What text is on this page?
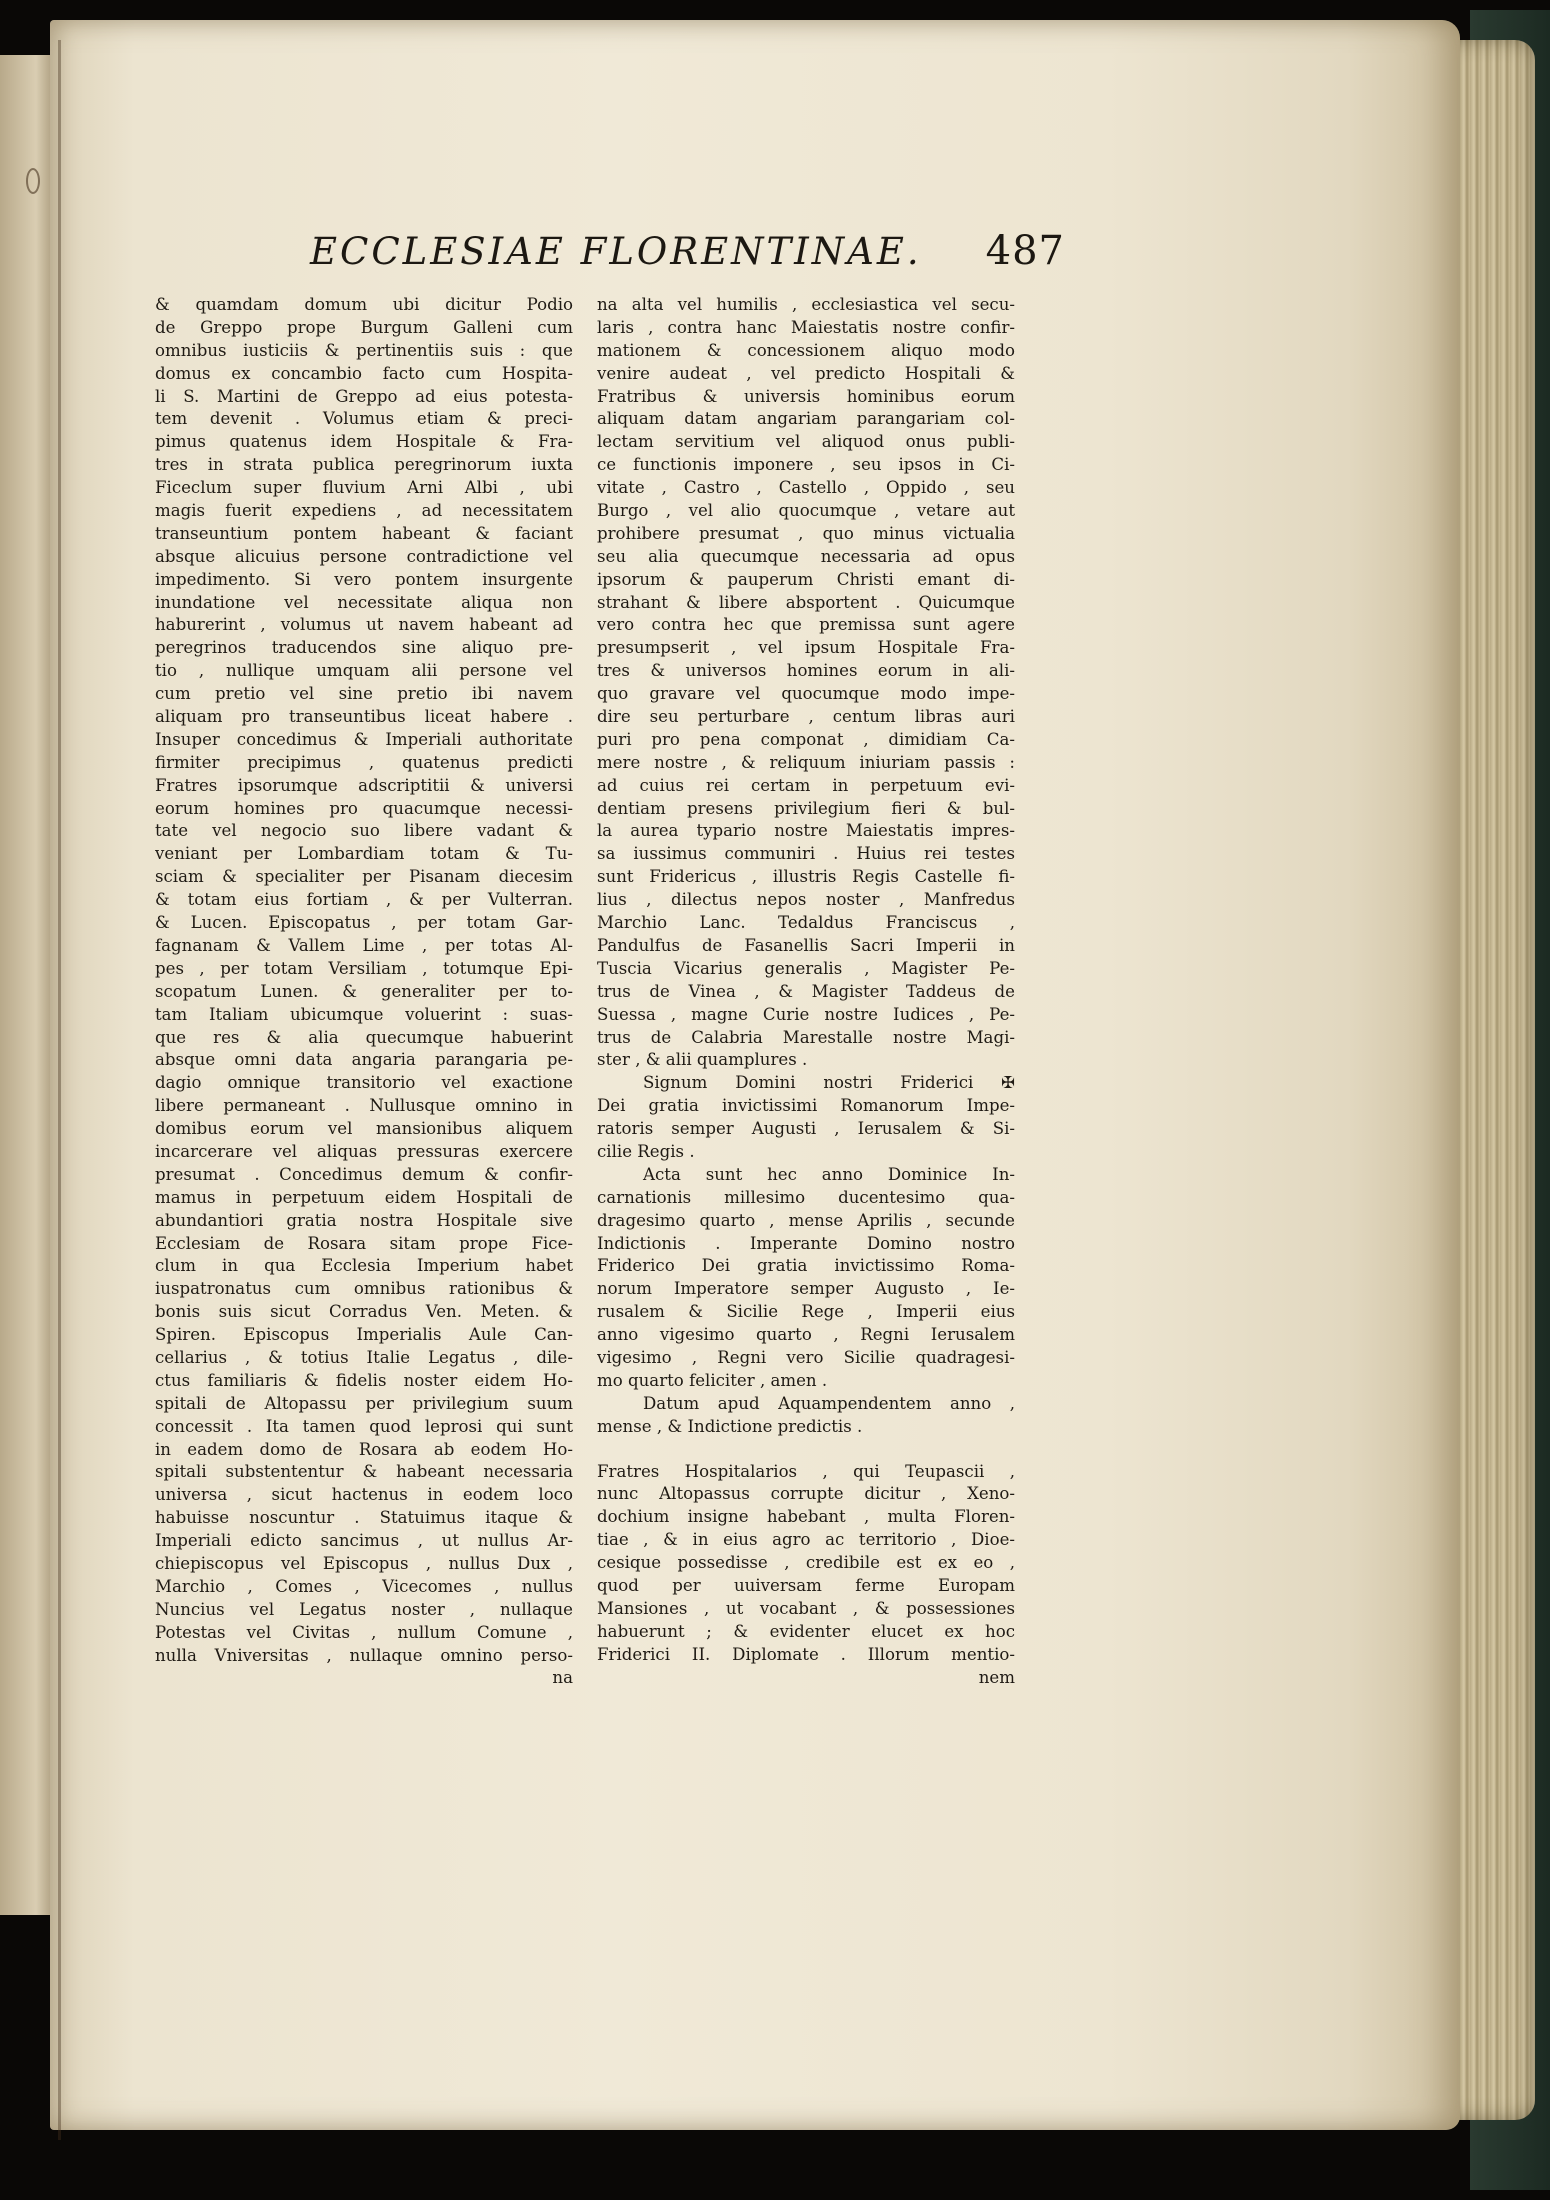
ECCLESIAE FLORENTINAE. 487
& quamdam domum ubi dicitur Podio
de Greppo prope Burgum Galleni cum
omnibus iusticiis & pertinentiis suis : que
domus ex concambio facto cum Hospita-
li S. Martini de Greppo ad eius potesta-
tem devenit . Volumus etiam & preci-
pimus quatenus idem Hospitale & Fra-
tres in strata publica peregrinorum iuxta
Ficeclum super fluvium Arni Albi , ubi
magis fuerit expediens , ad necessitatem
transeuntium pontem habeant & faciant
absque alicuius persone contradictione vel
impedimento. Si vero pontem insurgente
inundatione vel necessitate aliqua non
haburerint , volumus ut navem habeant ad
peregrinos traducendos sine aliquo pre-
tio , nullique umquam alii persone vel
cum pretio vel sine pretio ibi navem
aliquam pro transeuntibus liceat habere .
Insuper concedimus & Imperiali authoritate
firmiter precipimus , quatenus predicti
Fratres ipsorumque adscriptitii & universi
eorum homines pro quacumque necessi-
tate vel negocio suo libere vadant &
veniant per Lombardiam totam & Tu-
sciam & specialiter per Pisanam diecesim
& totam eius fortiam , & per Vulterran.
& Lucen. Episcopatus , per totam Gar-
fagnanam & Vallem Lime , per totas Al-
pes , per totam Versiliam , totumque Epi-
scopatum Lunen. & generaliter per to-
tam Italiam ubicumque voluerint : suas-
que res & alia quecumque habuerint
absque omni data angaria parangaria pe-
dagio omnique transitorio vel exactione
libere permaneant . Nullusque omnino in
domibus eorum vel mansionibus aliquem
incarcerare vel aliquas pressuras exercere
presumat . Concedimus demum & confir-
mamus in perpetuum eidem Hospitali de
abundantiori gratia nostra Hospitale sive
Ecclesiam de Rosara sitam prope Fice-
clum in qua Ecclesia Imperium habet
iuspatronatus cum omnibus rationibus &
bonis suis sicut Corradus Ven. Meten. &
Spiren. Episcopus Imperialis Aule Can-
cellarius , & totius Italie Legatus , dile-
ctus familiaris & fidelis noster eidem Ho-
spitali de Altopassu per privilegium suum
concessit . Ita tamen quod leprosi qui sunt
in eadem domo de Rosara ab eodem Ho-
spitali substententur & habeant necessaria
universa , sicut hactenus in eodem loco
habuisse noscuntur . Statuimus itaque &
Imperiali edicto sancimus , ut nullus Ar-
chiepiscopus vel Episcopus , nullus Dux ,
Marchio , Comes , Vicecomes , nullus
Nuncius vel Legatus noster , nullaque
Potestas vel Civitas , nullum Comune ,
nulla Vniversitas , nullaque omnino perso-
na
na alta vel humilis , ecclesiastica vel secu-
laris , contra hanc Maiestatis nostre confir-
mationem & concessionem aliquo modo
venire audeat , vel predicto Hospitali &
Fratribus & universis hominibus eorum
aliquam datam angariam parangariam col-
lectam servitium vel aliquod onus publi-
ce functionis imponere , seu ipsos in Ci-
vitate , Castro , Castello , Oppido , seu
Burgo , vel alio quocumque , vetare aut
prohibere presumat , quo minus victualia
seu alia quecumque necessaria ad opus
ipsorum & pauperum Christi emant di-
strahant & libere absportent . Quicumque
vero contra hec que premissa sunt agere
presumpserit , vel ipsum Hospitale Fra-
tres & universos homines eorum in ali-
quo gravare vel quocumque modo impe-
dire seu perturbare , centum libras auri
puri pro pena componat , dimidiam Ca-
mere nostre , & reliquum iniuriam passis :
ad cuius rei certam in perpetuum evi-
dentiam presens privilegium fieri & bul-
la aurea typario nostre Maiestatis impres-
sa iussimus communiri . Huius rei testes
sunt Fridericus , illustris Regis Castelle fi-
lius , dilectus nepos noster , Manfredus
Marchio Lanc. Tedaldus Franciscus ,
Pandulfus de Fasanellis Sacri Imperii in
Tuscia Vicarius generalis , Magister Pe-
trus de Vinea , & Magister Taddeus de
Suessa , magne Curie nostre Iudices , Pe-
trus de Calabria Marestalle nostre Magi-
ster , & alii quamplures .
Signum Domini nostri Friderici ✠
Dei gratia invictissimi Romanorum Impe-
ratoris semper Augusti , Ierusalem & Si-
cilie Regis .
Acta sunt hec anno Dominice In-
carnationis millesimo ducentesimo qua-
dragesimo quarto , mense Aprilis , secunde
Indictionis . Imperante Domino nostro
Friderico Dei gratia invictissimo Roma-
norum Imperatore semper Augusto , Ie-
rusalem & Sicilie Rege , Imperii eius
anno vigesimo quarto , Regni Ierusalem
vigesimo , Regni vero Sicilie quadragesi-
mo quarto feliciter , amen .
Datum apud Aquampendentem anno ,
mense , & Indictione predictis .
Fratres Hospitalarios , qui Teupascii ,
nunc Altopassus corrupte dicitur , Xeno-
dochium insigne habebant , multa Floren-
tiae , & in eius agro ac territorio , Dioe-
cesique possedisse , credibile est ex eo ,
quod per uuiversam ferme Europam
Mansiones , ut vocabant , & possessiones
habuerunt ; & evidenter elucet ex hoc
Friderici II. Diplomate . Illorum mentio-
nem
